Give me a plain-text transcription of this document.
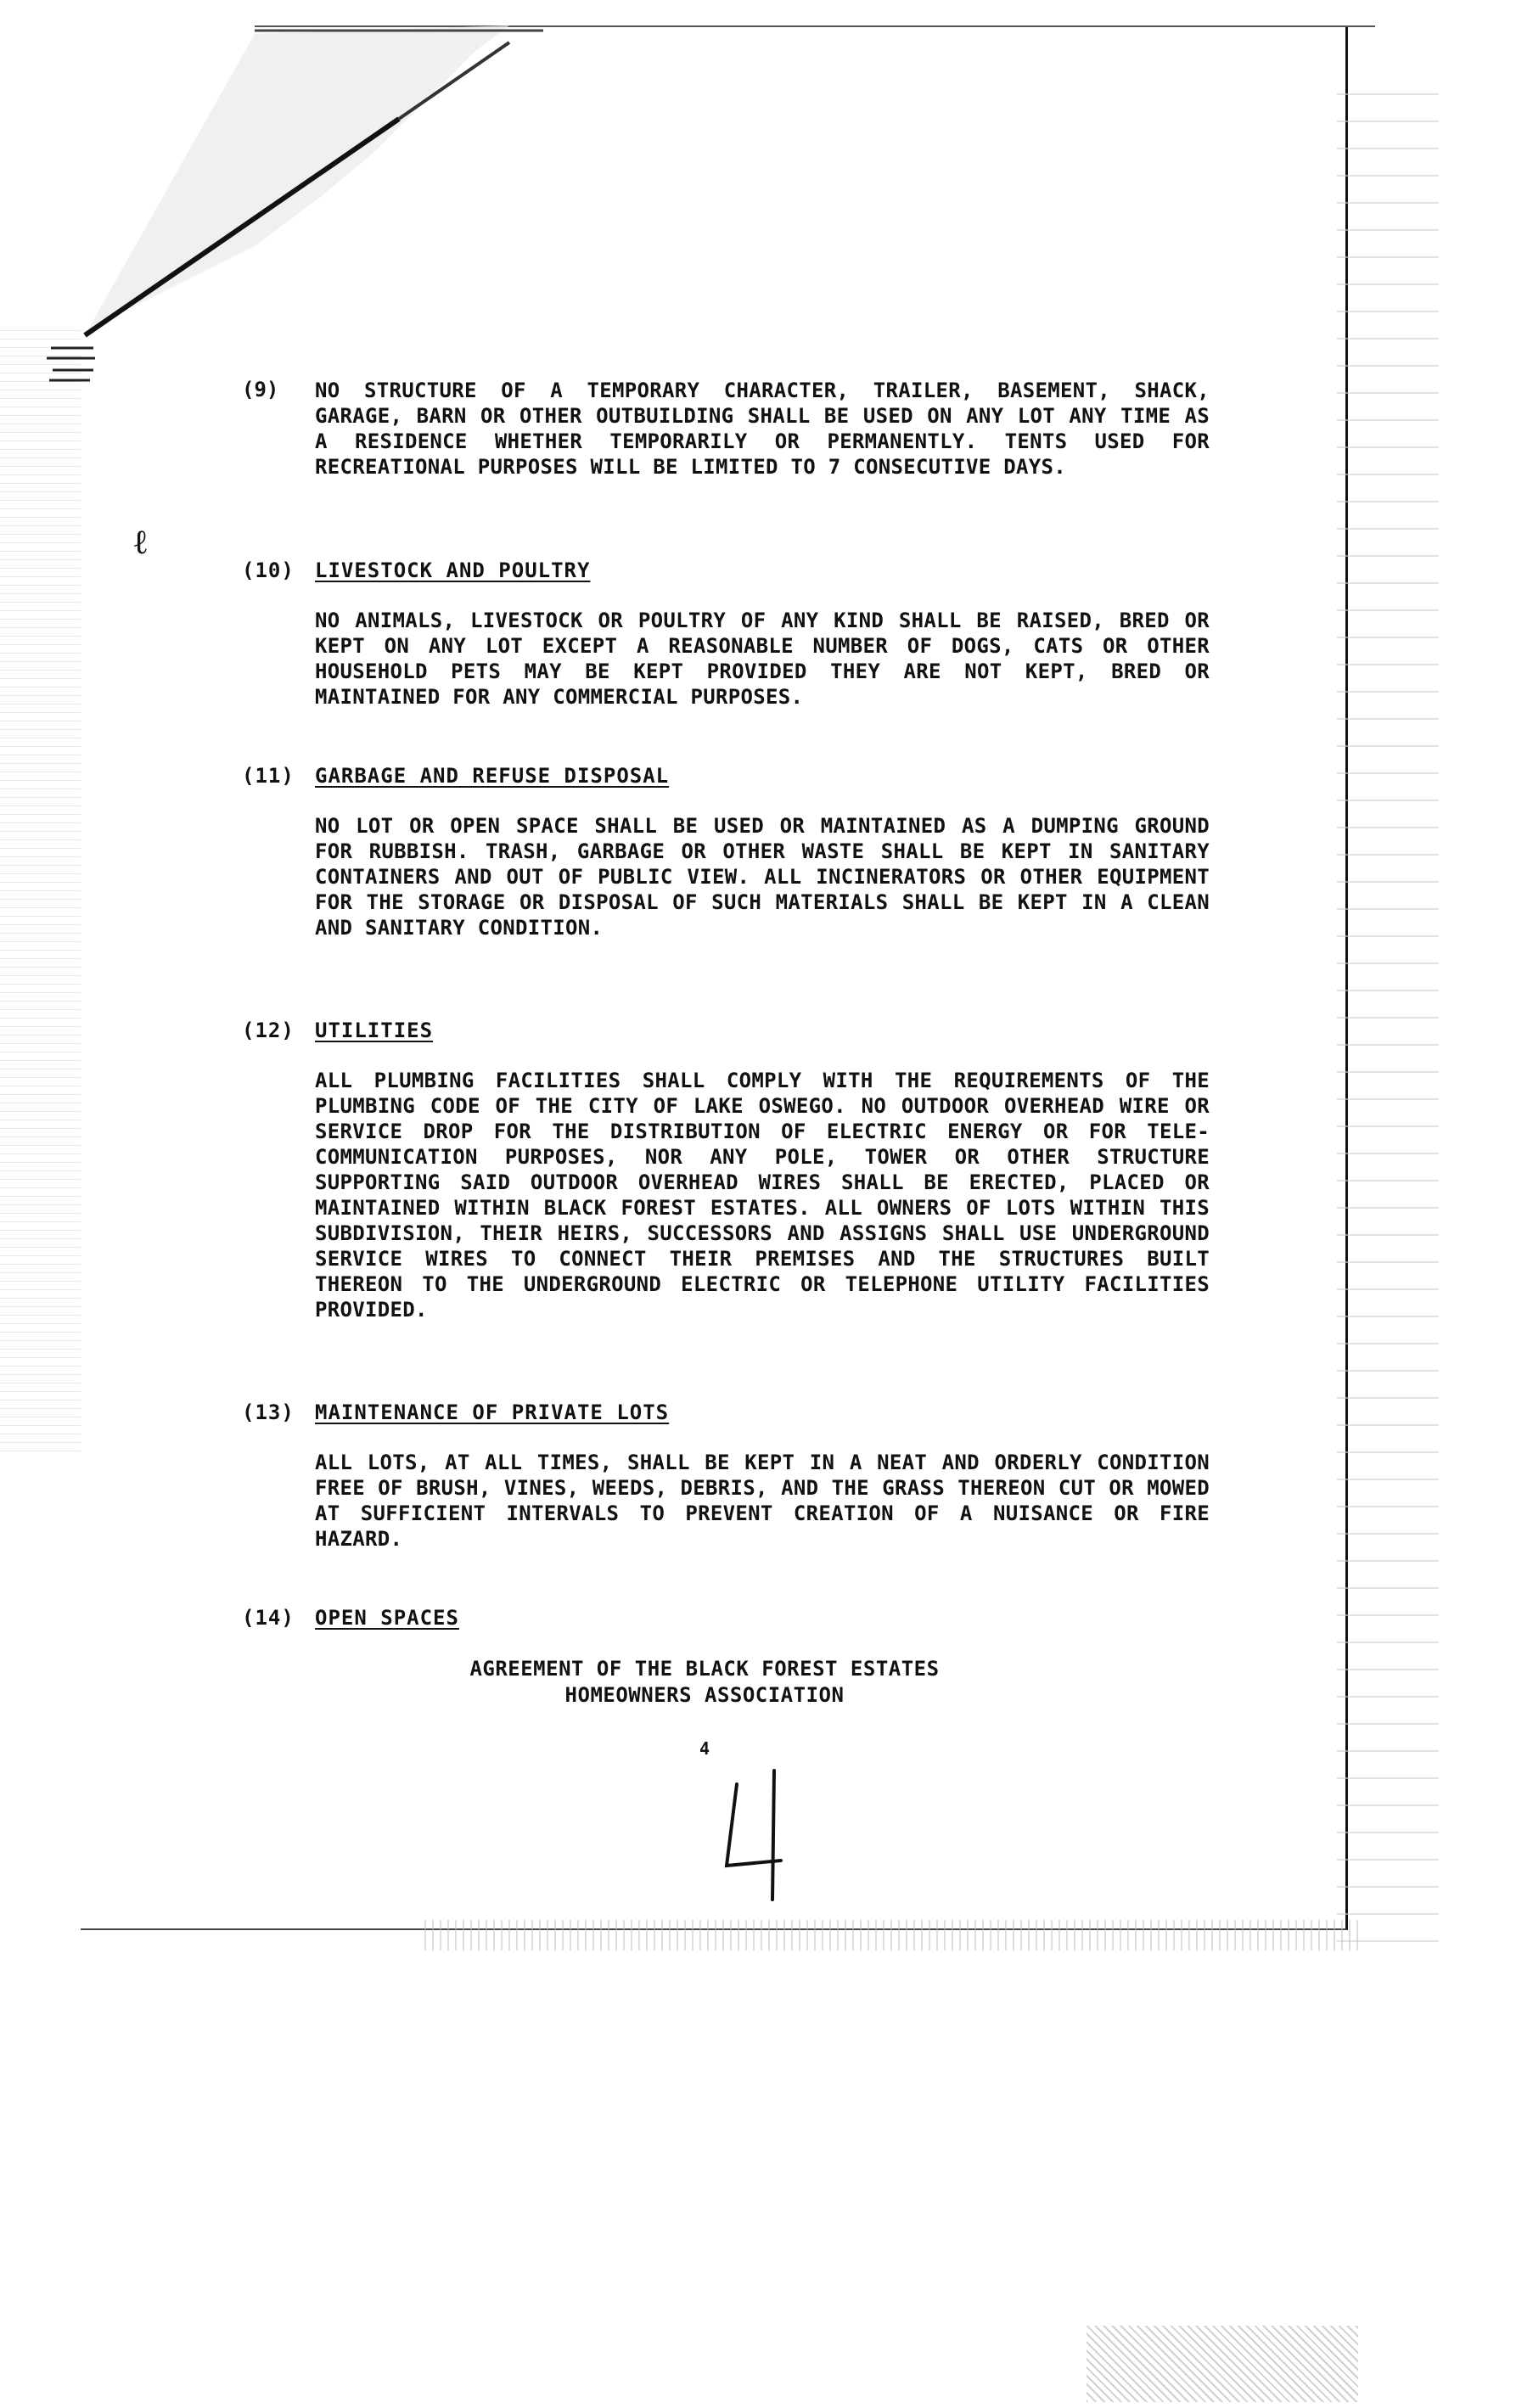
ℓ
(9)	NO STRUCTURE OF A TEMPORARY CHARACTER, TRAILER, BASEMENT, SHACK, GARAGE, BARN OR OTHER OUTBUILDING SHALL BE USED ON ANY LOT ANY TIME AS A RESIDENCE WHETHER TEMPORARILY OR PERMANENTLY. TENTS USED FOR RECREATIONAL PURPOSES WILL BE LIMITED TO 7 CONSECUTIVE DAYS.

(10)	LIVESTOCK AND POULTRY

NO ANIMALS, LIVESTOCK OR POULTRY OF ANY KIND SHALL BE RAISED, BRED OR KEPT ON ANY LOT EXCEPT A REASONABLE NUMBER OF DOGS, CATS OR OTHER HOUSEHOLD PETS MAY BE KEPT PROVIDED THEY ARE NOT KEPT, BRED OR MAINTAINED FOR ANY COMMERCIAL PURPOSES.

(11)	GARBAGE AND REFUSE DISPOSAL

NO LOT OR OPEN SPACE SHALL BE USED OR MAINTAINED AS A DUMPING GROUND FOR RUBBISH. TRASH, GARBAGE OR OTHER WASTE SHALL BE KEPT IN SANITARY CONTAINERS AND OUT OF PUBLIC VIEW. ALL INCINERATORS OR OTHER EQUIPMENT FOR THE STORAGE OR DISPOSAL OF SUCH MATERIALS SHALL BE KEPT IN A CLEAN AND SANITARY CONDITION.

(12)	UTILITIES

ALL PLUMBING FACILITIES SHALL COMPLY WITH THE REQUIREMENTS OF THE PLUMBING CODE OF THE CITY OF LAKE OSWEGO. NO OUTDOOR OVERHEAD WIRE OR SERVICE DROP FOR THE DISTRIBUTION OF ELECTRIC ENERGY OR FOR TELE-COMMUNICATION PURPOSES, NOR ANY POLE, TOWER OR OTHER STRUCTURE SUPPORTING SAID OUTDOOR OVERHEAD WIRES SHALL BE ERECTED, PLACED OR MAINTAINED WITHIN BLACK FOREST ESTATES. ALL OWNERS OF LOTS WITHIN THIS SUBDIVISION, THEIR HEIRS, SUCCESSORS AND ASSIGNS SHALL USE UNDERGROUND SERVICE WIRES TO CONNECT THEIR PREMISES AND THE STRUCTURES BUILT THEREON TO THE UNDERGROUND ELECTRIC OR TELEPHONE UTILITY FACILITIES PROVIDED.

(13)	MAINTENANCE OF PRIVATE LOTS

ALL LOTS, AT ALL TIMES, SHALL BE KEPT IN A NEAT AND ORDERLY CONDITION FREE OF BRUSH, VINES, WEEDS, DEBRIS, AND THE GRASS THEREON CUT OR MOWED AT SUFFICIENT INTERVALS TO PREVENT CREATION OF A NUISANCE OR FIRE HAZARD.

(14)	OPEN SPACES
AGREEMENT OF THE BLACK FOREST ESTATES
HOMEOWNERS ASSOCIATION
4
